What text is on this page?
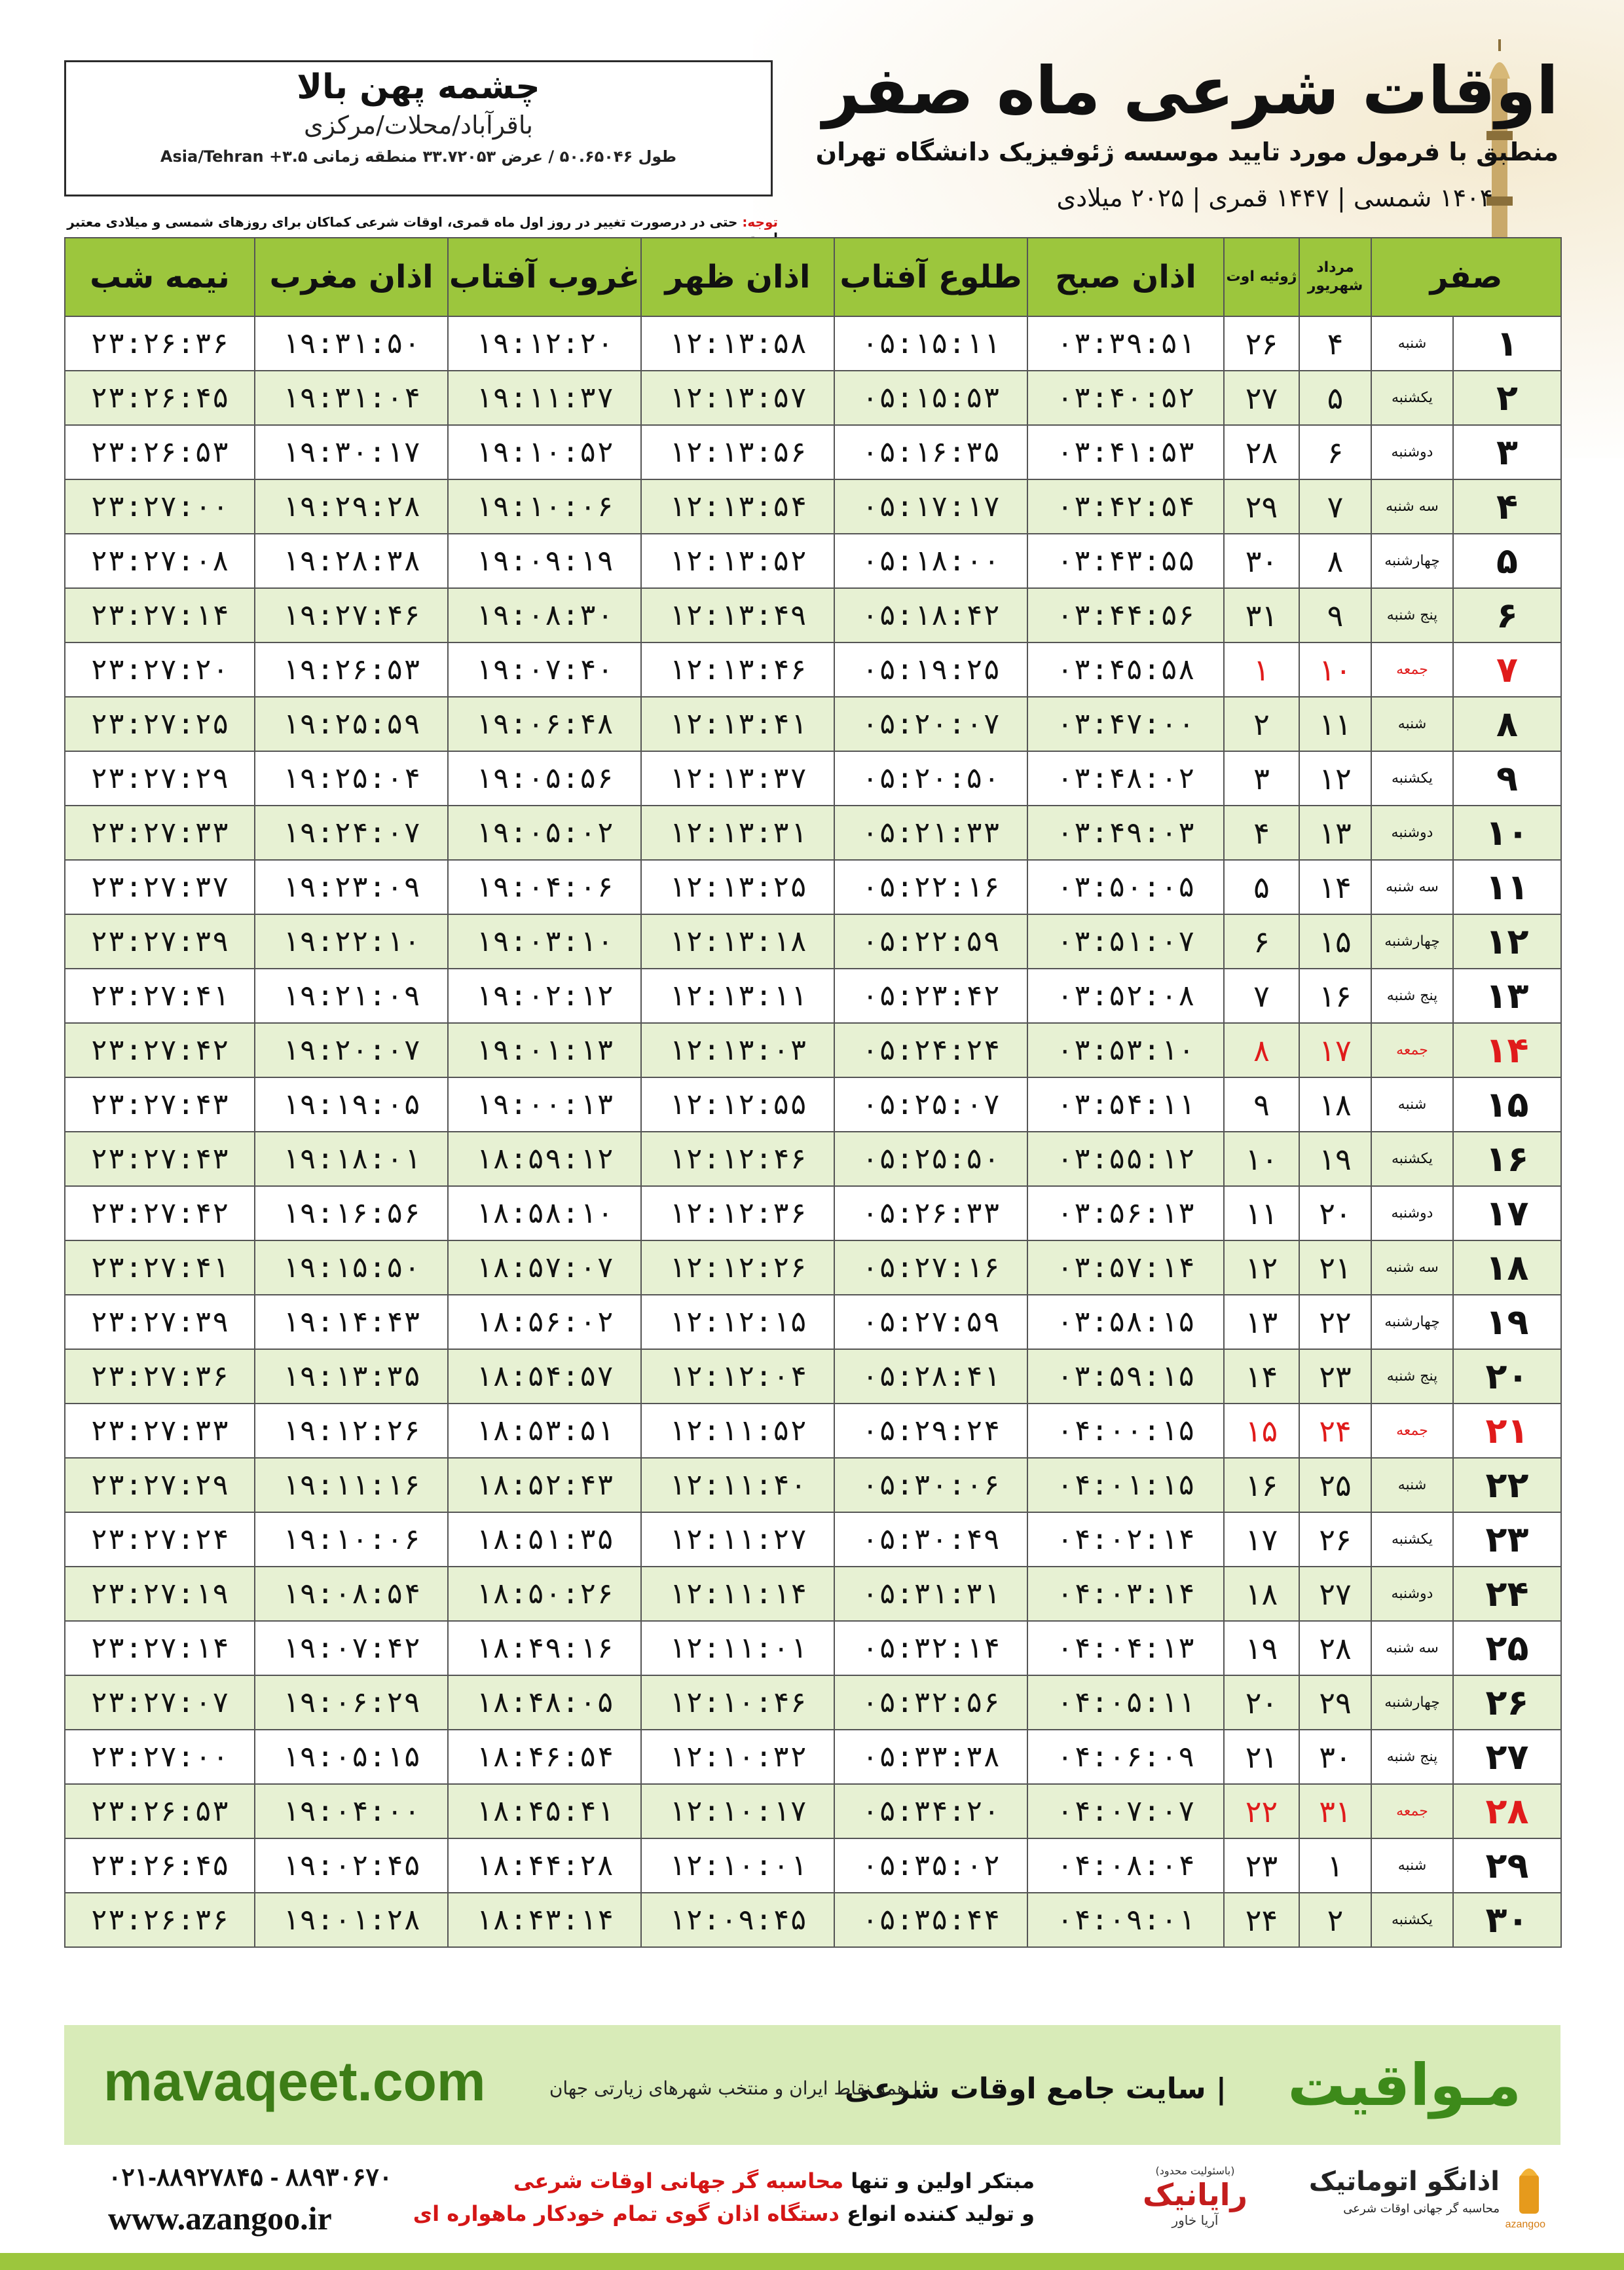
اوقات شرعی ماه صفر
منطبق با فرمول مورد تایید موسسه ژئوفیزیک دانشگاه تهران
۱۴۰۴ شمسی | ۱۴۴۷ قمری | ۲۰۲۵ میلادی
چشمه پهن بالا
باقرآباد/محلات/مرکزی
طول ۵۰.۶۵۰۴۶ / عرض ۳۳.۷۲۰۵۳ منطقه زمانی ۳.۵+ Asia/Tehran
توجه: حتی در درصورت تغییر در روز اول ماه قمری، اوقات شرعی کماکان برای روزهای شمسی و میلادی معتبر
صفر		مرداد شهریور	ژوئیه اوت	اذان صبح	طلوع آفتاب	اذان ظهر	غروب آفتاب	اذان مغرب	نیمه شب
۱	شنبه	۴	۲۶	۰۳:۳۹:۵۱	۰۵:۱۵:۱۱	۱۲:۱۳:۵۸	۱۹:۱۲:۲۰	۱۹:۳۱:۵۰	۲۳:۲۶:۳۶
۲	یکشنبه	۵	۲۷	۰۳:۴۰:۵۲	۰۵:۱۵:۵۳	۱۲:۱۳:۵۷	۱۹:۱۱:۳۷	۱۹:۳۱:۰۴	۲۳:۲۶:۴۵
۳	دوشنبه	۶	۲۸	۰۳:۴۱:۵۳	۰۵:۱۶:۳۵	۱۲:۱۳:۵۶	۱۹:۱۰:۵۲	۱۹:۳۰:۱۷	۲۳:۲۶:۵۳
۴	سه شنبه	۷	۲۹	۰۳:۴۲:۵۴	۰۵:۱۷:۱۷	۱۲:۱۳:۵۴	۱۹:۱۰:۰۶	۱۹:۲۹:۲۸	۲۳:۲۷:۰۰
۵	چهارشنبه	۸	۳۰	۰۳:۴۳:۵۵	۰۵:۱۸:۰۰	۱۲:۱۳:۵۲	۱۹:۰۹:۱۹	۱۹:۲۸:۳۸	۲۳:۲۷:۰۸
۶	پنج شنبه	۹	۳۱	۰۳:۴۴:۵۶	۰۵:۱۸:۴۲	۱۲:۱۳:۴۹	۱۹:۰۸:۳۰	۱۹:۲۷:۴۶	۲۳:۲۷:۱۴
۷	جمعه	۱۰	۱	۰۳:۴۵:۵۸	۰۵:۱۹:۲۵	۱۲:۱۳:۴۶	۱۹:۰۷:۴۰	۱۹:۲۶:۵۳	۲۳:۲۷:۲۰
۸	شنبه	۱۱	۲	۰۳:۴۷:۰۰	۰۵:۲۰:۰۷	۱۲:۱۳:۴۱	۱۹:۰۶:۴۸	۱۹:۲۵:۵۹	۲۳:۲۷:۲۵
۹	یکشنبه	۱۲	۳	۰۳:۴۸:۰۲	۰۵:۲۰:۵۰	۱۲:۱۳:۳۷	۱۹:۰۵:۵۶	۱۹:۲۵:۰۴	۲۳:۲۷:۲۹
۱۰	دوشنبه	۱۳	۴	۰۳:۴۹:۰۳	۰۵:۲۱:۳۳	۱۲:۱۳:۳۱	۱۹:۰۵:۰۲	۱۹:۲۴:۰۷	۲۳:۲۷:۳۳
۱۱	سه شنبه	۱۴	۵	۰۳:۵۰:۰۵	۰۵:۲۲:۱۶	۱۲:۱۳:۲۵	۱۹:۰۴:۰۶	۱۹:۲۳:۰۹	۲۳:۲۷:۳۷
۱۲	چهارشنبه	۱۵	۶	۰۳:۵۱:۰۷	۰۵:۲۲:۵۹	۱۲:۱۳:۱۸	۱۹:۰۳:۱۰	۱۹:۲۲:۱۰	۲۳:۲۷:۳۹
۱۳	پنج شنبه	۱۶	۷	۰۳:۵۲:۰۸	۰۵:۲۳:۴۲	۱۲:۱۳:۱۱	۱۹:۰۲:۱۲	۱۹:۲۱:۰۹	۲۳:۲۷:۴۱
۱۴	جمعه	۱۷	۸	۰۳:۵۳:۱۰	۰۵:۲۴:۲۴	۱۲:۱۳:۰۳	۱۹:۰۱:۱۳	۱۹:۲۰:۰۷	۲۳:۲۷:۴۲
۱۵	شنبه	۱۸	۹	۰۳:۵۴:۱۱	۰۵:۲۵:۰۷	۱۲:۱۲:۵۵	۱۹:۰۰:۱۳	۱۹:۱۹:۰۵	۲۳:۲۷:۴۳
۱۶	یکشنبه	۱۹	۱۰	۰۳:۵۵:۱۲	۰۵:۲۵:۵۰	۱۲:۱۲:۴۶	۱۸:۵۹:۱۲	۱۹:۱۸:۰۱	۲۳:۲۷:۴۳
۱۷	دوشنبه	۲۰	۱۱	۰۳:۵۶:۱۳	۰۵:۲۶:۳۳	۱۲:۱۲:۳۶	۱۸:۵۸:۱۰	۱۹:۱۶:۵۶	۲۳:۲۷:۴۲
۱۸	سه شنبه	۲۱	۱۲	۰۳:۵۷:۱۴	۰۵:۲۷:۱۶	۱۲:۱۲:۲۶	۱۸:۵۷:۰۷	۱۹:۱۵:۵۰	۲۳:۲۷:۴۱
۱۹	چهارشنبه	۲۲	۱۳	۰۳:۵۸:۱۵	۰۵:۲۷:۵۹	۱۲:۱۲:۱۵	۱۸:۵۶:۰۲	۱۹:۱۴:۴۳	۲۳:۲۷:۳۹
۲۰	پنج شنبه	۲۳	۱۴	۰۳:۵۹:۱۵	۰۵:۲۸:۴۱	۱۲:۱۲:۰۴	۱۸:۵۴:۵۷	۱۹:۱۳:۳۵	۲۳:۲۷:۳۶
۲۱	جمعه	۲۴	۱۵	۰۴:۰۰:۱۵	۰۵:۲۹:۲۴	۱۲:۱۱:۵۲	۱۸:۵۳:۵۱	۱۹:۱۲:۲۶	۲۳:۲۷:۳۳
۲۲	شنبه	۲۵	۱۶	۰۴:۰۱:۱۵	۰۵:۳۰:۰۶	۱۲:۱۱:۴۰	۱۸:۵۲:۴۳	۱۹:۱۱:۱۶	۲۳:۲۷:۲۹
۲۳	یکشنبه	۲۶	۱۷	۰۴:۰۲:۱۴	۰۵:۳۰:۴۹	۱۲:۱۱:۲۷	۱۸:۵۱:۳۵	۱۹:۱۰:۰۶	۲۳:۲۷:۲۴
۲۴	دوشنبه	۲۷	۱۸	۰۴:۰۳:۱۴	۰۵:۳۱:۳۱	۱۲:۱۱:۱۴	۱۸:۵۰:۲۶	۱۹:۰۸:۵۴	۲۳:۲۷:۱۹
۲۵	سه شنبه	۲۸	۱۹	۰۴:۰۴:۱۳	۰۵:۳۲:۱۴	۱۲:۱۱:۰۱	۱۸:۴۹:۱۶	۱۹:۰۷:۴۲	۲۳:۲۷:۱۴
۲۶	چهارشنبه	۲۹	۲۰	۰۴:۰۵:۱۱	۰۵:۳۲:۵۶	۱۲:۱۰:۴۶	۱۸:۴۸:۰۵	۱۹:۰۶:۲۹	۲۳:۲۷:۰۷
۲۷	پنج شنبه	۳۰	۲۱	۰۴:۰۶:۰۹	۰۵:۳۳:۳۸	۱۲:۱۰:۳۲	۱۸:۴۶:۵۴	۱۹:۰۵:۱۵	۲۳:۲۷:۰۰
۲۸	جمعه	۳۱	۲۲	۰۴:۰۷:۰۷	۰۵:۳۴:۲۰	۱۲:۱۰:۱۷	۱۸:۴۵:۴۱	۱۹:۰۴:۰۰	۲۳:۲۶:۵۳
۲۹	شنبه	۱	۲۳	۰۴:۰۸:۰۴	۰۵:۳۵:۰۲	۱۲:۱۰:۰۱	۱۸:۴۴:۲۸	۱۹:۰۲:۴۵	۲۳:۲۶:۴۵
۳۰	یکشنبه	۲	۲۴	۰۴:۰۹:۰۱	۰۵:۳۵:۴۴	۱۲:۰۹:۴۵	۱۸:۴۳:۱۴	۱۹:۰۱:۲۸	۲۳:۲۶:۳۶
مـواقیت
| سایت جامع اوقات شرعی
| همه نقاط ایران و منتخب شهرهای زیارتی جهان
mavaqeet.com
۰۲۱-۸۸۹۲۷۸۴۵ - ۸۸۹۳۰۶۷۰
www.azangoo.ir
مبتکر اولین و تنها محاسبه گر جهانی اوقات شرعی
و تولید کننده انواع دستگاه اذان گوی تمام خودکار ماهواره ای
(باسئولیت محدود)
رایانیک
آریا خاور
اذانگو اتوماتیک
محاسبه گر جهانی اوقات شرعی
azangoo
